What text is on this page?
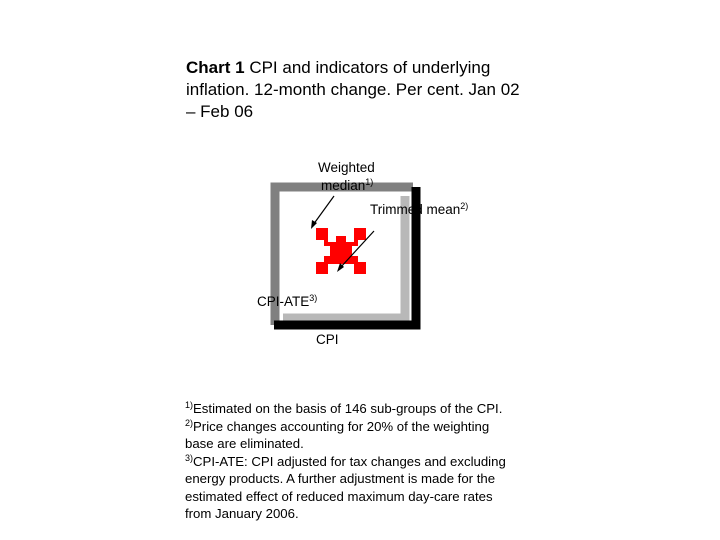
Chart 1 CPI and indicators of underlying inflation. 12-month change. Per cent. Jan 02 – Feb 06
Weighted
median$^{1)}$
Trimmed mean$^{2)}$
CPI-ATE$^{3)}$
CPI
$^{1)}$Estimated on the basis of 146 sub-groups of the CPI.
$^{2)}$Price changes accounting for 20% of the weighting base are eliminated.
$^{3)}$CPI-ATE: CPI adjusted for tax changes and excluding energy products. A further adjustment is made for the estimated effect of reduced maximum day-care rates from January 2006.
